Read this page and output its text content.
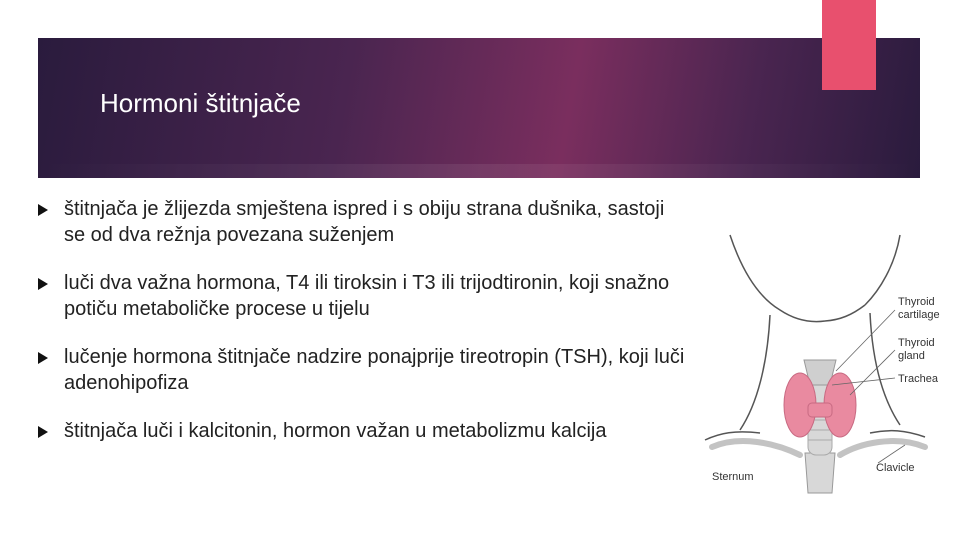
Hormoni štitnjače
štitnjača je žlijezda smještena ispred i s obiju strana dušnika, sastoji se od dva režnja povezana suženjem
luči dva važna hormona, T4 ili tiroksin i T3 ili trijodtironin, koji snažno potiču metaboličke procese u tijelu
lučenje hormona štitnjače nadzire ponajprije tireotropin (TSH), koji luči adenohipofiza
štitnjača luči i kalcitonin, hormon važan u metabolizmu kalcija
Thyroid
cartilage
Thyroid
gland
Trachea
Clavicle
Sternum
